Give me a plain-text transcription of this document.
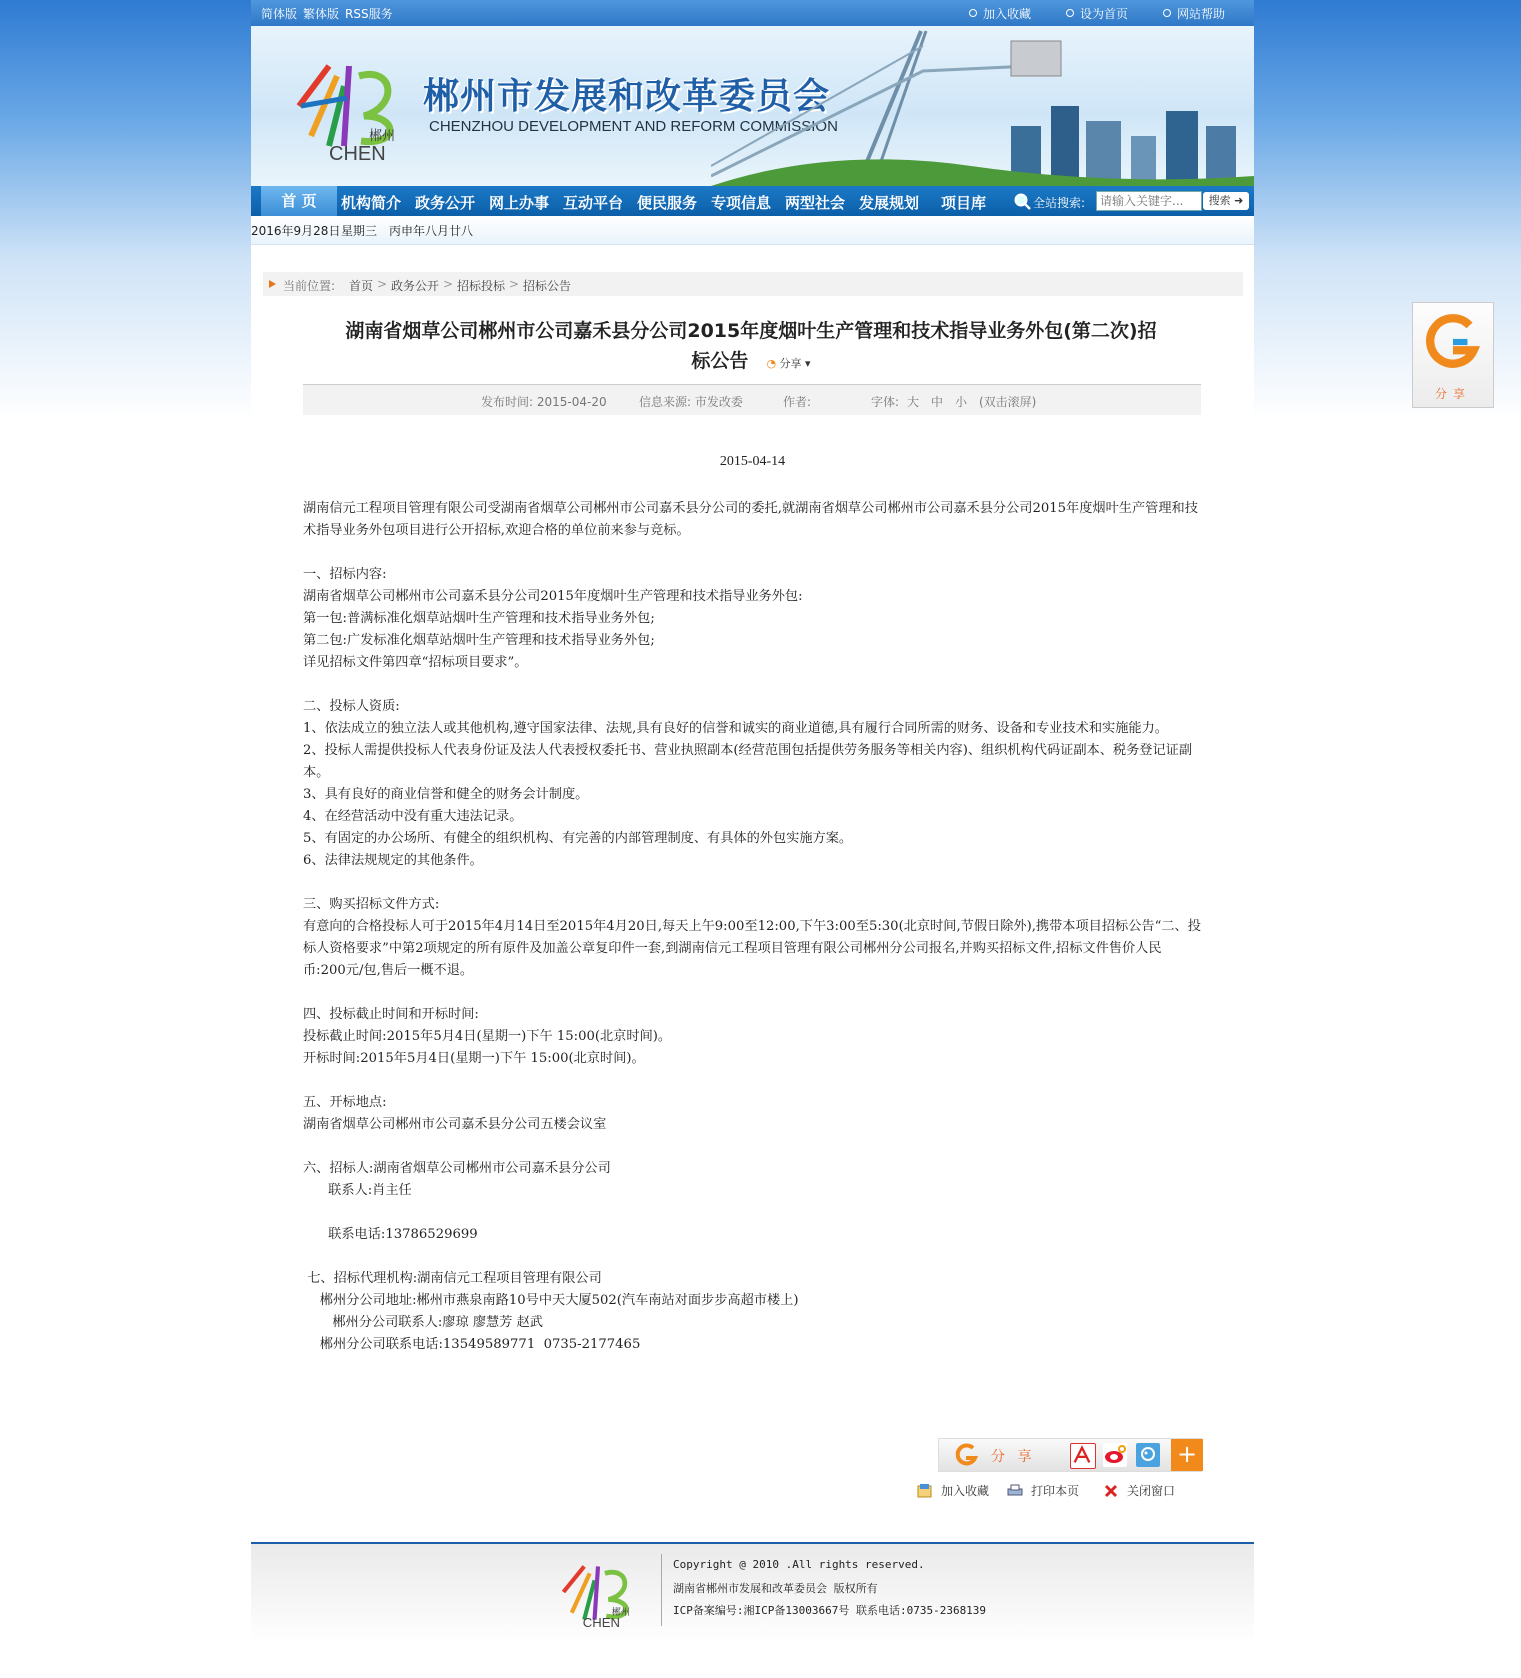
简体版 繁体版 RSS服务	加入收藏	设为首页	网站帮助
郴州
CHEN
郴州市发展和改革委员会
CHENZHOU DEVELOPMENT AND REFORM COMMISSION
首 页	机构简介 政务公开 网上办事 互动平台 便民服务 专项信息 两型社会 发展规划 项目库	全站搜索:
请输入关键字...	搜索 ➜
2016年9月28日 星期三 丙申年八月廿八
当前位置: 首页 > 政务公开 > 招标投标 > 招标公告
湖南省烟草公司郴州市公司嘉禾县分公司2015年度烟叶生产管理和技术指导业务外包(第二次)招
标公告 ◔ 分享 ▾
发布时间: 2015-04-20	信息来源: 市发改委	作者:	字体: 大 中 小 (双击滚屏)
2015-04-14

湖南信元工程项目管理有限公司受湖南省烟草公司郴州市公司嘉禾县分公司的委托,就湖南省烟草公司郴州市公司嘉禾县分公司2015年度烟叶生产管理和技术指导业务外包项目进行公开招标,欢迎合格的单位前来参与竞标。

一、招标内容:

湖南省烟草公司郴州市公司嘉禾县分公司2015年度烟叶生产管理和技术指导业务外包:

第一包:普满标准化烟草站烟叶生产管理和技术指导业务外包;

第二包:广发标准化烟草站烟叶生产管理和技术指导业务外包;

详见招标文件第四章“招标项目要求”。

二、投标人资质:

1、依法成立的独立法人或其他机构,遵守国家法律、法规,具有良好的信誉和诚实的商业道德,具有履行合同所需的财务、设备和专业技术和实施能力。

2、投标人需提供投标人代表身份证及法人代表授权委托书、营业执照副本(经营范围包括提供劳务服务等相关内容)、组织机构代码证副本、税务登记证副本。

3、具有良好的商业信誉和健全的财务会计制度。

4、在经营活动中没有重大违法记录。

5、有固定的办公场所、有健全的组织机构、有完善的内部管理制度、有具体的外包实施方案。

6、法律法规规定的其他条件。

三、购买招标文件方式:

有意向的合格投标人可于2015年4月14日至2015年4月20日,每天上午9:00至12:00,下午3:00至5:30(北京时间,节假日除外),携带本项目招标公告“二、投标人资格要求”中第2项规定的所有原件及加盖公章复印件一套,到湖南信元工程项目管理有限公司郴州分公司报名,并购买招标文件,招标文件售价人民币:200元/包,售后一概不退。

四、投标截止时间和开标时间:

投标截止时间:2015年5月4日(星期一)下午 15:00(北京时间)。

开标时间:2015年5月4日(星期一)下午 15:00(北京时间)。

五、开标地点:

湖南省烟草公司郴州市公司嘉禾县分公司五楼会议室

六、招标人:湖南省烟草公司郴州市公司嘉禾县分公司

联系人:肖主任

联系电话:13786529699

七、招标代理机构:湖南信元工程项目管理有限公司

郴州分公司地址:郴州市燕泉南路10号中天大厦502(汽车南站对面步步高超市楼上)

郴州分公司联系人:廖琼 廖慧芳 赵武

郴州分公司联系电话:13549589771  0735-2177465

分 享	+
加入收藏	打印本页	关闭窗口
郴州
CHEN
Copyright @ 2010 .All rights reserved.
湖南省郴州市发展和改革委员会 版权所有
ICP备案编号:湘ICP备13003667号 联系电话:0735-2368139
分享
